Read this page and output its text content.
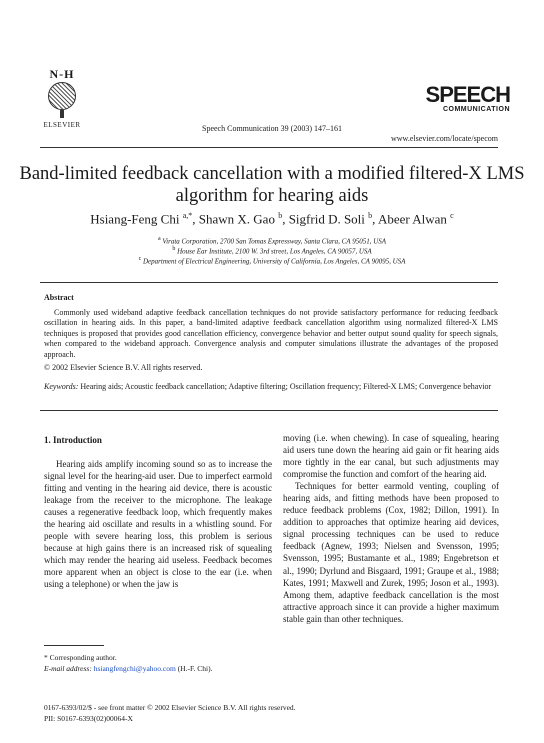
N-H
ELSEVIER	Speech Communication 39 (2003) 147–161
SPEECH
COMMUNICATION
www.elsevier.com/locate/specom
Band-limited feedback cancellation with a modified filtered-X LMS algorithm for hearing aids
Hsiang-Feng Chi $^{a,*}$, Shawn X. Gao $^b$, Sigfrid D. Soli $^b$, Abeer Alwan $^c$
$^a$ Virata Corporation, 2700 San Tomas Expressway, Santa Clara, CA 95051, USA
$^b$ House Ear Institute, 2100 W. 3rd street, Los Angeles, CA 90057, USA
$^c$ Department of Electrical Engineering, University of California, Los Angeles, CA 90095, USA
Abstract
Commonly used wideband adaptive feedback cancellation techniques do not provide satisfactory performance for reducing feedback oscillation in hearing aids. In this paper, a band-limited adaptive feedback cancellation algorithm using normalized filtered-X LMS techniques is proposed that provides good cancellation efficiency, convergence behavior and better output sound quality for speech signals, when compared to the wideband approach. Convergence analysis and computer simulations illustrate the advantages of the proposed approach.
© 2002 Elsevier Science B.V. All rights reserved.
Keywords: Hearing aids; Acoustic feedback cancellation; Adaptive filtering; Oscillation frequency; Filtered-X LMS; Convergence behavior
1. Introduction

Hearing aids amplify incoming sound so as to increase the signal level for the hearing-aid user. Due to imperfect earmold fitting and venting in the hearing aid device, there is acoustic leakage from the receiver to the microphone. The leakage causes a regenerative feedback loop, which frequently makes the hearing aid oscillate and results in a whistling sound. For people with severe hearing loss, this problem is serious because at high gains there is an increased risk of squealing which may render the hearing aid useless. Feedback becomes more apparent when an object is close to the ear (i.e. when using a telephone) or when the jaw is

moving (i.e. when chewing). In case of squealing, hearing aid users tune down the hearing aid gain or fit hearing aids more tightly in the ear canal, but such adjustments may compromise the function and comfort of the hearing aid.

Techniques for better earmold venting, coupling of hearing aids, and fitting methods have been proposed to reduce feedback problems (Cox, 1982; Dillon, 1991). In addition to approaches that optimize hearing aid devices, signal processing techniques can be used to reduce feedback (Agnew, 1993; Nielsen and Svensson, 1995; Svensson, 1995; Bustamante et al., 1989; Engebretson et al., 1990; Dyrlund and Bisgaard, 1991; Graupe et al., 1988; Kates, 1991; Maxwell and Zurek, 1995; Joson et al., 1993). Among them, adaptive feedback cancellation is the most attractive approach since it can provide a higher maximum stable gain than other techniques.

* Corresponding author.
E-mail address: hsiangfengchi@yahoo.com (H.-F. Chi).
0167-6393/02/$ - see front matter © 2002 Elsevier Science B.V. All rights reserved.
PII: S0167-6393(02)00064-X
